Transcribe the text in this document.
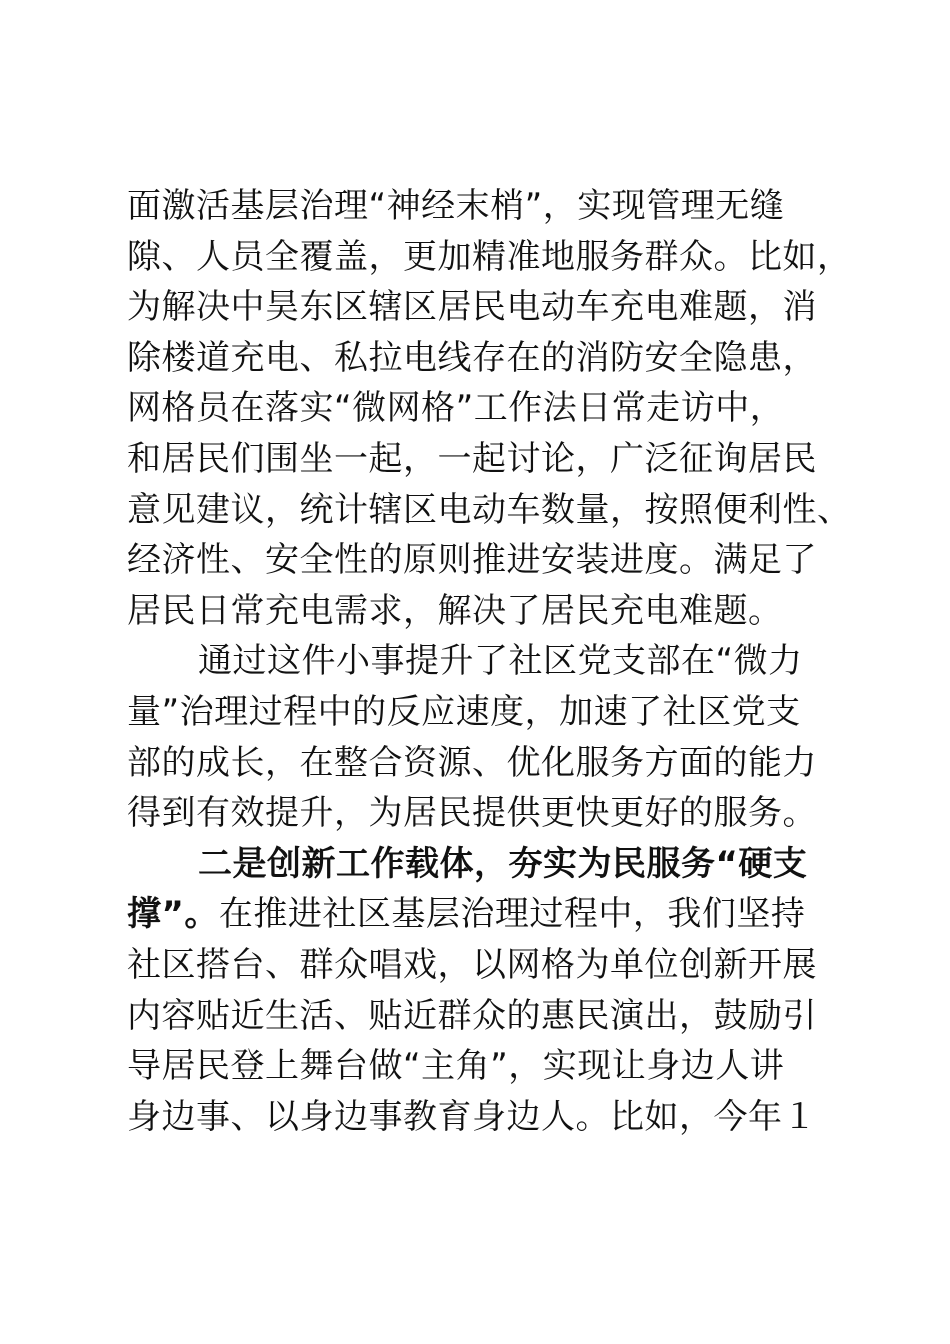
面激活基层治理“神经末梢”，实现管理无缝
隙、人员全覆盖，更加精准地服务群众。比如，
为解决中昊东区辖区居民电动车充电难题，消
除楼道充电、私拉电线存在的消防安全隐患，
网格员在落实“微网格”工作法日常走访中，
和居民们围坐一起，一起讨论，广泛征询居民
意见建议，统计辖区电动车数量，按照便利性、
经济性、安全性的原则推进安装进度。满足了
居民日常充电需求，解决了居民充电难题。
通过这件小事提升了社区党支部在“微力
量”治理过程中的反应速度，加速了社区党支
部的成长，在整合资源、优化服务方面的能力
得到有效提升，为居民提供更快更好的服务。
二是创新工作载体，夯实为民服务“硬支
撑”。在推进社区基层治理过程中，我们坚持
社区搭台、群众唱戏，以网格为单位创新开展
内容贴近生活、贴近群众的惠民演出，鼓励引
导居民登上舞台做“主角”，实现让身边人讲
身边事、以身边事教育身边人。比如，今年１
